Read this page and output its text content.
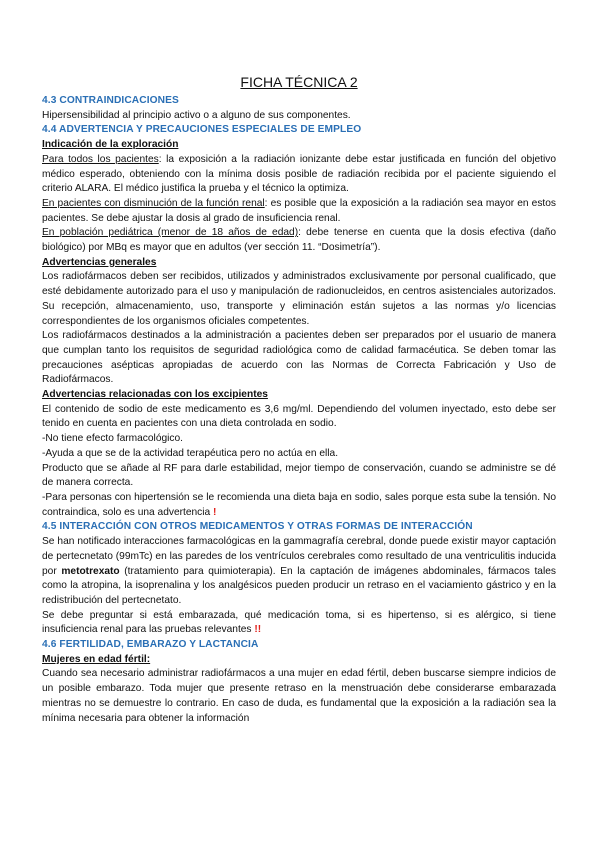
FICHA TÉCNICA 2
4.3 CONTRAINDICACIONES
Hipersensibilidad al principio activo o a alguno de sus componentes.
4.4 ADVERTENCIA Y PRECAUCIONES ESPECIALES DE EMPLEO
Indicación de la exploración
Para todos los pacientes: la exposición a la radiación ionizante debe estar justificada en función del objetivo médico esperado, obteniendo con la mínima dosis posible de radiación recibida por el paciente siguiendo el criterio ALARA. El médico justifica la prueba y el técnico la optimiza.
En pacientes con disminución de la función renal: es posible que la exposición a la radiación sea mayor en estos pacientes. Se debe ajustar la dosis al grado de insuficiencia renal.
En población pediátrica (menor de 18 años de edad): debe tenerse en cuenta que la dosis efectiva (daño biológico) por MBq es mayor que en adultos (ver sección 11. “Dosimetría”).
Advertencias generales
Los radiofármacos deben ser recibidos, utilizados y administrados exclusivamente por personal cualificado, que esté debidamente autorizado para el uso y manipulación de radionucleidos, en centros asistenciales autorizados. Su recepción, almacenamiento, uso, transporte y eliminación están sujetos a las normas y/o licencias correspondientes de los organismos oficiales competentes.
Los radiofármacos destinados a la administración a pacientes deben ser preparados por el usuario de manera que cumplan tanto los requisitos de seguridad radiológica como de calidad farmacéutica. Se deben tomar las precauciones asépticas apropiadas de acuerdo con las Normas de Correcta Fabricación y Uso de Radiofármacos.
Advertencias relacionadas con los excipientes
El contenido de sodio de este medicamento es 3,6 mg/ml. Dependiendo del volumen inyectado, esto debe ser tenido en cuenta en pacientes con una dieta controlada en sodio.
-No tiene efecto farmacológico.
-Ayuda a que se de la actividad terapéutica pero no actúa en ella.
Producto que se añade al RF para darle estabilidad, mejor tiempo de conservación, cuando se administre se dé de manera correcta.
-Para personas con hipertensión se le recomienda una dieta baja en sodio, sales porque esta sube la tensión. No contraindica, solo es una advertencia !
4.5 INTERACCIÓN CON OTROS MEDICAMENTOS Y OTRAS FORMAS DE INTERACCIÓN
Se han notificado interacciones farmacológicas en la gammagrafía cerebral, donde puede existir mayor captación de pertecnetato (99mTc) en las paredes de los ventrículos cerebrales como resultado de una ventriculitis inducida por metotrexato (tratamiento para quimioterapia). En la captación de imágenes abdominales, fármacos tales como la atropina, la isoprenalina y los analgésicos pueden producir un retraso en el vaciamiento gástrico y en la redistribución del pertecnetato.
Se debe preguntar si está embarazada, qué medicación toma, si es hipertenso, si es alérgico, si tiene insuficiencia renal para las pruebas relevantes !!
4.6 FERTILIDAD, EMBARAZO Y LACTANCIA
Mujeres en edad fértil:
Cuando sea necesario administrar radiofármacos a una mujer en edad fértil, deben buscarse siempre indicios de un posible embarazo. Toda mujer que presente retraso en la menstruación debe considerarse embarazada mientras no se demuestre lo contrario. En caso de duda, es fundamental que la exposición a la radiación sea la mínima necesaria para obtener la información
